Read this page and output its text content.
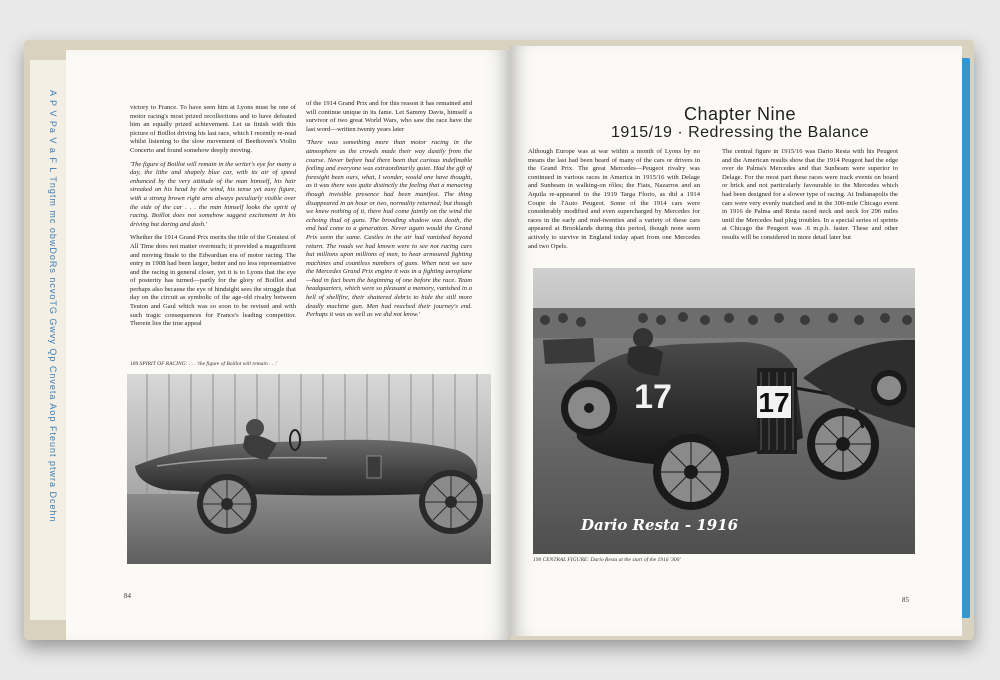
A P V Pa V a F L Tngtm mc obwDoRs ncvoTG Gwvy Qp Cnveta Aop Fteunt ptwra Dcehn	victory to France. To have seen him at Lyons must be one of motor racing's most prized recollections and to have defeated him an equally prized achievement. Let us finish with this picture of Boillot driving his last race, which I recently re-read whilst listening to the slow movement of Beethoven's Violin Concerto and found somehow deeply moving.

'The figure of Boillot will remain in the writer's eye for many a day, the lithe and shapely blue car, with its air of speed enhanced by the very attitude of the man himself, his hair streaked on his head by the wind, his tense yet easy figure, with a strong brown right arm always peculiarly visible over the side of the car . . . the man himself looks the spirit of racing. Boillot does not somehow suggest excitement in his driving but daring and dash.'

Whether the 1914 Grand Prix merits the title of the Greatest of All Time does not matter overmuch; it provided a magnificent and moving finale to the Edwardian era of motor racing. The entry in 1908 had been larger, better and no less representative and the racing in general closer, yet it is to Lyons that the eye of posterity has turned—partly for the glory of Boillot and perhaps also because the eye of hindsight sees the struggle that day on the circuit as symbolic of the age-old rivalry between Teuton and Gaul which was so soon to be revised and with such tragic consequences for France's leading competitor. Therein lies the true appeal

of the 1914 Grand Prix and for this reason it has remained and will continue unique in its fame. Let Sammy Davis, himself a survivor of two great World Wars, who saw the race have the last word—written twenty years later

'There was something more than motor racing in the atmosphere as the crowds made their way dustily from the course. Never before had there been that curious indefinable feeling and everyone was extraordinarily quiet. Had the gift of foresight been ours, what, I wonder, would one have thought, as it was there was quite distinctly the feeling that a menacing though invisible presence had been manifest. The thing disappeared in an hour or two, normality returned; but though we knew nothing of it, there had come faintly on the wind the echoing thud of guns. The brooding shadow was death, the end had come to a generation. Never again would the Grand Prix seem the same. Castles in the air had vanished beyond return. The roads we had known were to see not racing cars but millions upon millions of men, to hear armoured fighting machines and countless numbers of guns. When next we saw the Mercedes Grand Prix engine it was in a fighting aeroplane—had in fact been the beginning of one before the race. Team headquarters, which were so pleasant a memory, vanished in a hell of shellfire, their shattered debris to hide the still more deadly machine gun. Men had reached their journey's end. Perhaps it was as well as we did not know.'

189 SPIRIT OF RACING: . . . 'the figure of Boillot will remain . . .'
84
Chapter Nine
1915/19 · Redressing the Balance

Although Europe was at war within a month of Lyons by no means the last had been heard of many of the cars or drivers in the Grand Prix. The great Mercedes—Peugeot rivalry was continued in various races in America in 1915/16 with Delage and Sunbeam in walking-on rôles; the Fiats, Nazarros and an Aquila re-appeared in the 1919 Targa Florio, as did a 1914 Coupe de l'Auto Peugeot. Some of the 1914 cars were considerably modified and even supercharged by Mercedes for races in the early and mid-twenties and a variety of these cars appeared at Brooklands during this period, though none seem actively to survive in England today apart from one Mercedes and two Opels.

The central figure in 1915/16 was Dario Resta with his Peugeot and the American results show that the 1914 Peugeot had the edge over de Palma's Mercedes and that Sunbeam were superior to Delage. For the most part these races were track events on board or brick and not particularly favourable to the Mercedes which had been designed for a slower type of racing. At Indianapolis the cars were very evenly matched and in the 300-mile Chicago event in 1916 de Palma and Resta raced neck and neck for 296 miles until the Mercedes had plug troubles. In a special series of sprints at Chicago the Peugeot was .6 m.p.h. faster. These and other results will be considered in more detail later but

17
17
Dario Resta - 1916
190 CENTRAL FIGURE: Dario Resta at the start of the 1916 '300'
85
